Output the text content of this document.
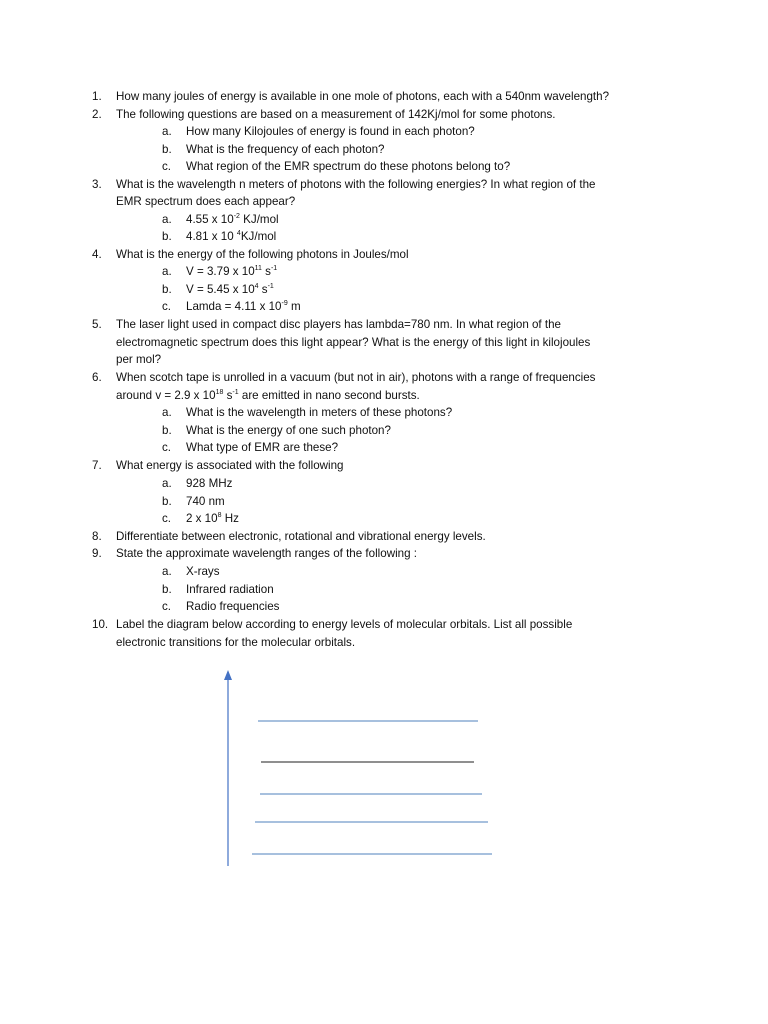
1. How many joules of energy is available in one mole of photons, each with a 540nm wavelength?
2. The following questions are based on a measurement of 142Kj/mol for some photons.
a. How many Kilojoules of energy is found in each photon?
b. What is the frequency of each photon?
c. What region of the EMR spectrum do these photons belong to?
3. What is the wavelength n meters of photons with the following energies? In what region of the
EMR spectrum does each appear?
a. 4.55 x $10^{-2}$ KJ/mol
b. 4.81 x 10 $^4$KJ/mol
4. What is the energy of the following photons in Joules/mol
a. V = 3.79 x $10^{11}$ $s^{-1}$
b. V = 5.45 x $10^4$ $s^{-1}$
c. Lamda = 4.11 x $10^{-9}$ m
5. The laser light used in compact disc players has lambda=780 nm. In what region of the
electromagnetic spectrum does this light appear? What is the energy of this light in kilojoules
per mol?
6. When scotch tape is unrolled in a vacuum (but not in air), photons with a range of frequencies
around v = 2.9 x $10^{18}$ $s^{-1}$ are emitted in nano second bursts.
a. What is the wavelength in meters of these photons?
b. What is the energy of one such photon?
c. What type of EMR are these?
7. What energy is associated with the following
a. 928 MHz
b. 740 nm
c. 2 x $10^8$ Hz
8. Differentiate between electronic, rotational and vibrational energy levels.
9. State the approximate wavelength ranges of the following :
a. X-rays
b. Infrared radiation
c. Radio frequencies
10. Label the diagram below according to energy levels of molecular orbitals. List all possible
electronic transitions for the molecular orbitals.
